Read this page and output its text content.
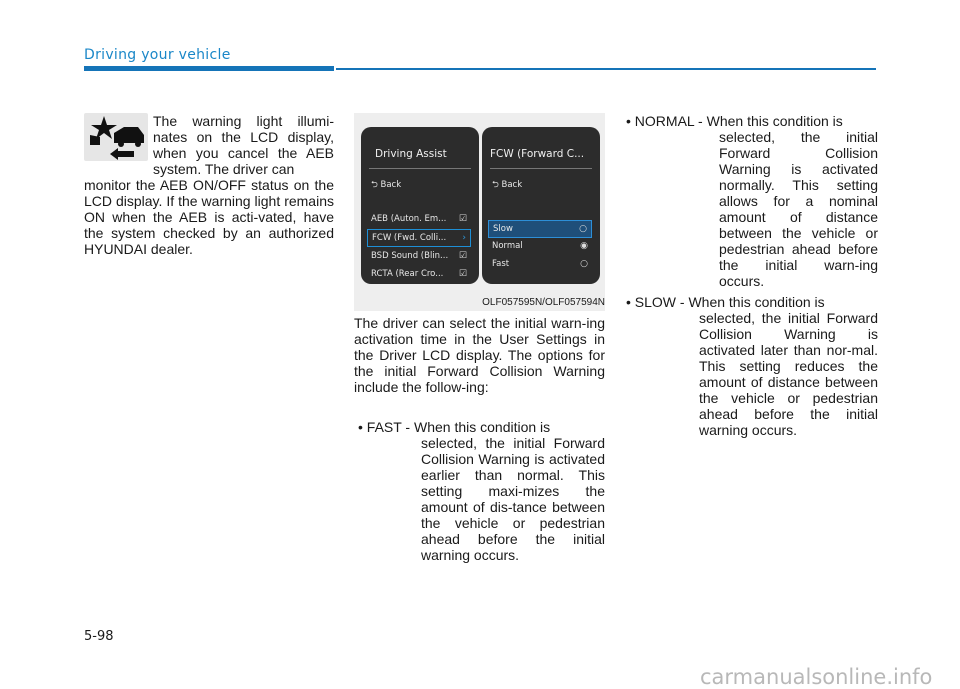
Driving your vehicle
The warning light illumi-nates on the LCD display, when you cancel the AEB system. The driver can
monitor the AEB ON/OFF status on the LCD display. If the warning light remains ON when the AEB is acti-vated, have the system checked by an authorized HYUNDAI dealer.
Driving Assist
⮌ Back
AEB (Auton. Em... ☑
FCW (Fwd. Colli... ›
BSD Sound (Blin... ☑
RCTA (Rear Cro... ☑
FCW (Forward C...
⮌ Back
Slow	○
Normal	◉
Fast	○
OLF057595N/OLF057594N
The driver can select the initial warn-ing activation time in the User Settings in the Driver LCD display. The options for the initial Forward Collision Warning include the follow-ing:
• FAST - When this condition is
selected, the initial Forward Collision Warning is activated earlier than normal. This setting maxi-mizes the amount of dis-tance between the vehicle or pedestrian ahead before the initial warning occurs.
• NORMAL - When this condition is
selected, the initial Forward Collision Warning is activated normally. This setting allows for a nominal amount of distance between the vehicle or pedestrian ahead before the initial warn-ing occurs.
• SLOW - When this condition is
selected, the initial Forward Collision Warning is activated later than nor-mal. This setting reduces the amount of distance between the vehicle or pedestrian ahead before the initial warning occurs.
5-98
carmanualsonline.info
